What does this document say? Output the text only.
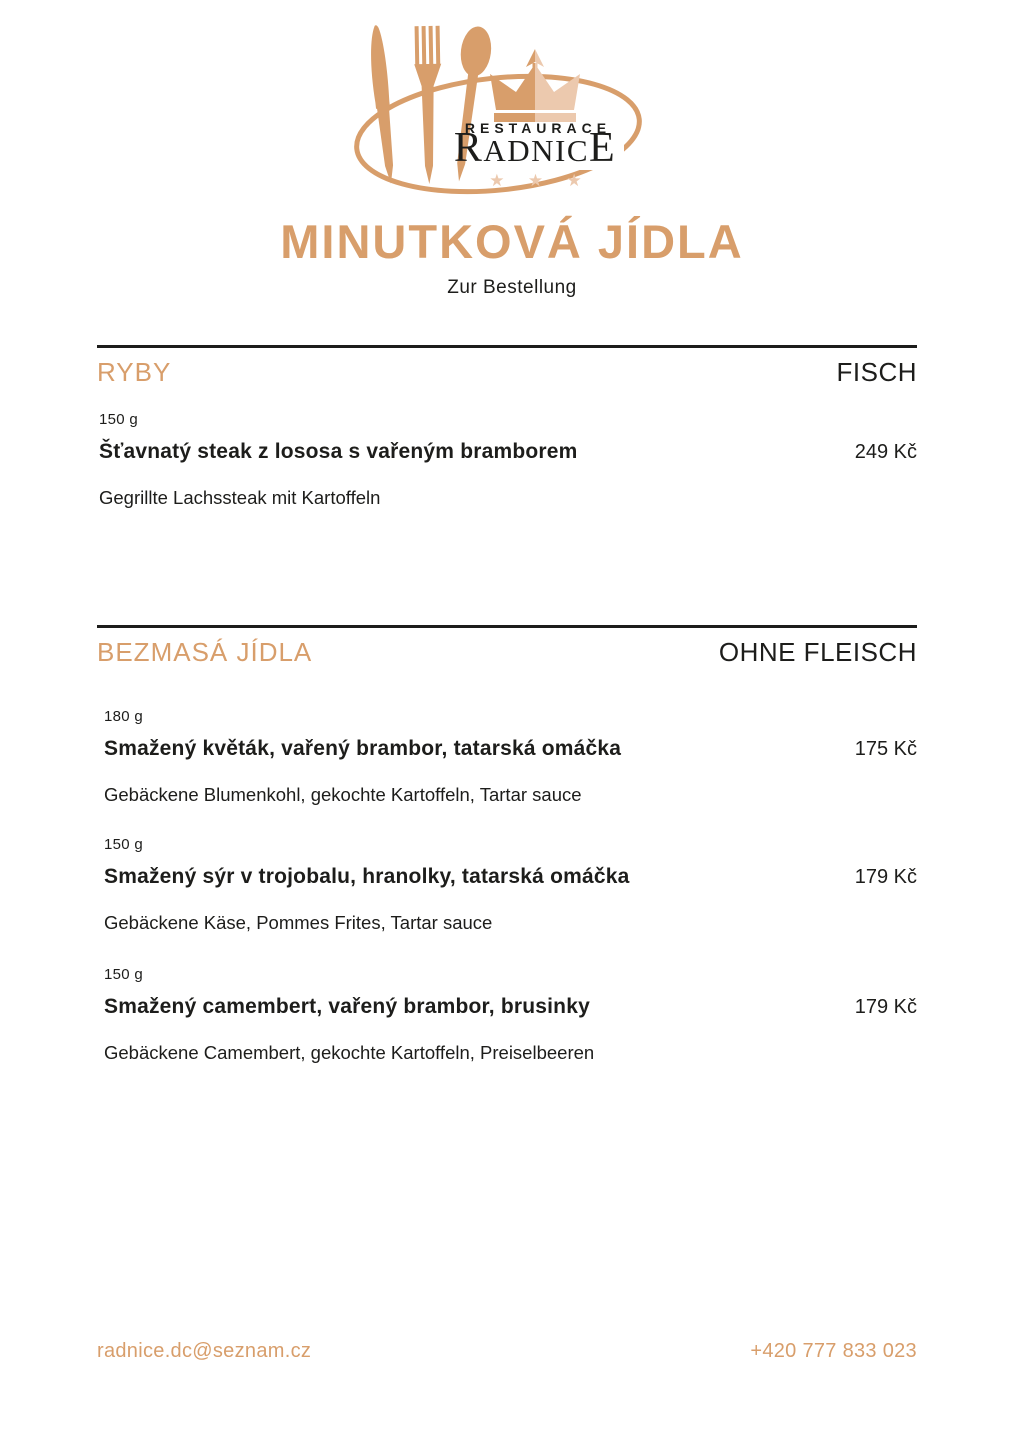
RESTAURACE
RADNICE
★ ★ ★
MINUTKOVÁ JÍDLA
Zur Bestellung
RYBY	FISCH
150 g
Šťavnatý steak z lososa s vařeným bramborem	249 Kč
Gegrillte Lachssteak mit Kartoffeln
BEZMASÁ JÍDLA	OHNE FLEISCH
180 g
Smažený květák, vařený brambor, tatarská omáčka	175 Kč
Gebäckene Blumenkohl, gekochte Kartoffeln, Tartar sauce
150 g
Smažený sýr v trojobalu, hranolky, tatarská omáčka	179 Kč
Gebäckene Käse, Pommes Frites, Tartar sauce
150 g
Smažený camembert, vařený brambor, brusinky	179 Kč
Gebäckene Camembert, gekochte Kartoffeln, Preiselbeeren
radnice.dc@seznam.cz	+420 777 833 023
